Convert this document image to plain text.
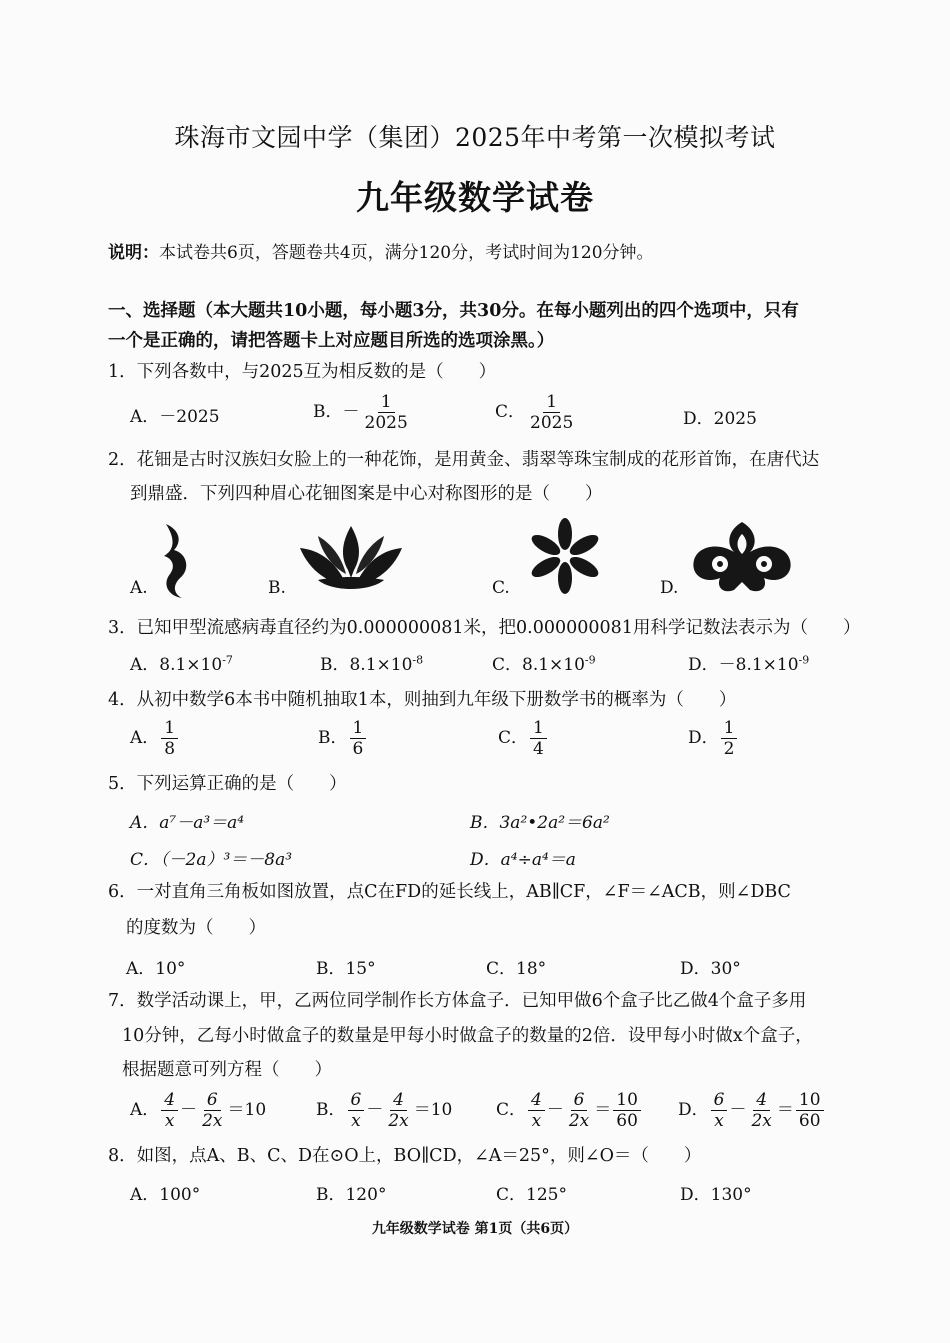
珠海市文园中学（集团）2025年中考第一次模拟考试
九年级数学试卷
说明：本试卷共6页，答题卷共4页，满分120分，考试时间为120分钟。
一、选择题（本大题共10小题，每小题3分，共30分。在每小题列出的四个选项中，只有
一个是正确的，请把答题卡上对应题目所选的选项涂黑。）
1．下列各数中，与2025互为相反数的是（　　）
A．－2025	B．－ $\frac{1}{2025}$	C． $\frac{1}{2025}$	D．2025
2．花钿是古时汉族妇女脸上的一种花饰，是用黄金、翡翠等珠宝制成的花形首饰，在唐代达
到鼎盛．下列四种眉心花钿图案是中心对称图形的是（　　）
A.	B.	C.	D.
3．已知甲型流感病毒直径约为0.000000081米，把0.000000081用科学记数法表示为（　　）
A．$8.1\times 10^{-7}$	B．$8.1\times 10^{-8}$	C．$8.1\times 10^{-9}$	D．$-8.1\times 10^{-9}$
4．从初中数学6本书中随机抽取1本，则抽到九年级下册数学书的概率为（　　）
A． $\frac{1}{8}$	B． $\frac{1}{6}$	C． $\frac{1}{4}$	D． $\frac{1}{2}$
5．下列运算正确的是（　　）
A．a⁷－a³＝a⁴	B．3a²•2a²＝6a²
C．（－2a）³＝－8a³	D．a⁴÷a⁴＝a
6．一对直角三角板如图放置，点C在FD的延长线上，AB∥CF，∠F＝∠ACB，则∠DBC
的度数为（　　）
A．10°	B．15°	C．18°	D．30°
7．数学活动课上，甲，乙两位同学制作长方体盒子．已知甲做6个盒子比乙做4个盒子多用
10分钟，乙每小时做盒子的数量是甲每小时做盒子的数量的2倍．设甲每小时做x个盒子，
根据题意可列方程（　　）
A． $\frac{4}{x} - \frac{6}{2x} =10$	B． $\frac{6}{x} - \frac{4}{2x} =10$	C． $\frac{4}{x} - \frac{6}{2x} = \frac{10}{60}$ D． $\frac{6}{x} - \frac{4}{2x} = \frac{10}{60}$
8．如图，点A、B、C、D在⊙O上，BO∥CD，∠A＝25°，则∠O＝（　　）
A．100°	B．120°	C．125°	D．130°
九年级数学试卷 第1页（共6页）
